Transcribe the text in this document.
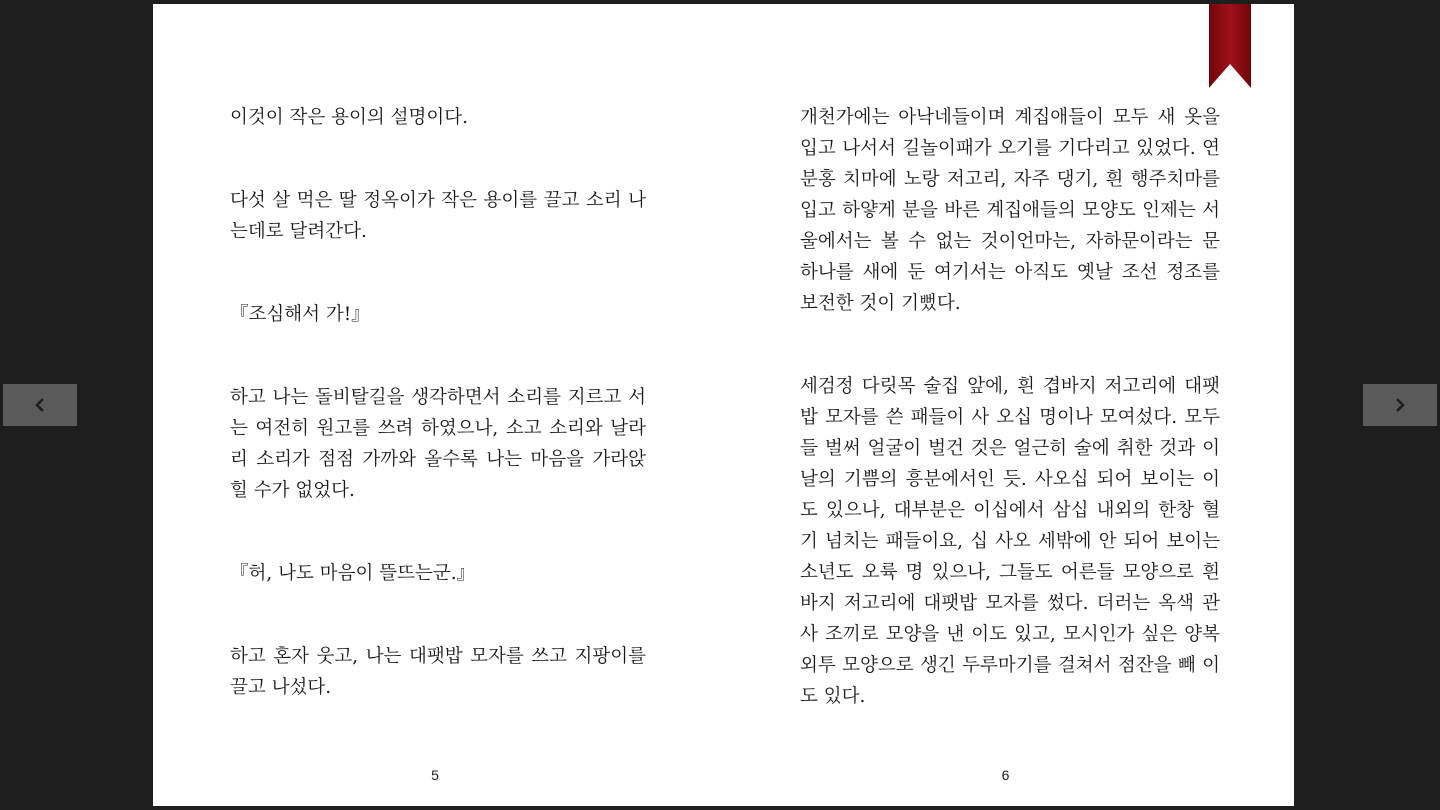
이것이 작은 용이의 설명이다.

다섯 살 먹은 딸 정옥이가 작은 용이를 끌고 소리 나는데로 달려간다.

『조심해서 가!』

하고 나는 돌비탈길을 생각하면서 소리를 지르고 서는 여전히 원고를 쓰려 하였으나, 소고 소리와 날라리 소리가 점점 가까와 올수록 나는 마음을 가라앉힐 수가 없었다.

『허, 나도 마음이 뜰뜨는군.』

하고 혼자 웃고, 나는 대팻밥 모자를 쓰고 지팡이를 끌고 나섰다.

5

개천가에는 아낙네들이며 계집애들이 모두 새 옷을 입고 나서서 길놀이패가 오기를 기다리고 있었다. 연분홍 치마에 노랑 저고리, 자주 댕기, 흰 행주치마를 입고 하얗게 분을 바른 계집애들의 모양도 인제는 서울에서는 볼 수 없는 것이언마는, 자하문이라는 문 하나를 새에 둔 여기서는 아직도 옛날 조선 정조를 보전한 것이 기뻤다.

세검정 다릿목 술집 앞에, 흰 겹바지 저고리에 대팻밥 모자를 쓴 패들이 사 오십 명이나 모여섰다. 모두들 벌써 얼굴이 벌건 것은 얼근히 술에 취한 것과 이날의 기쁨의 흥분에서인 듯. 사오십 되어 보이는 이도 있으나, 대부분은 이십에서 삼십 내외의 한창 혈기 넘치는 패들이요, 십 사오 세밖에 안 되어 보이는 소년도 오륙 명 있으나, 그들도 어른들 모양으로 흰 바지 저고리에 대팻밥 모자를 썼다. 더러는 옥색 관사 조끼로 모양을 낸 이도 있고, 모시인가 싶은 양복 외투 모양으로 생긴 두루마기를 걸쳐서 점잔을 빼 이도 있다.

6
